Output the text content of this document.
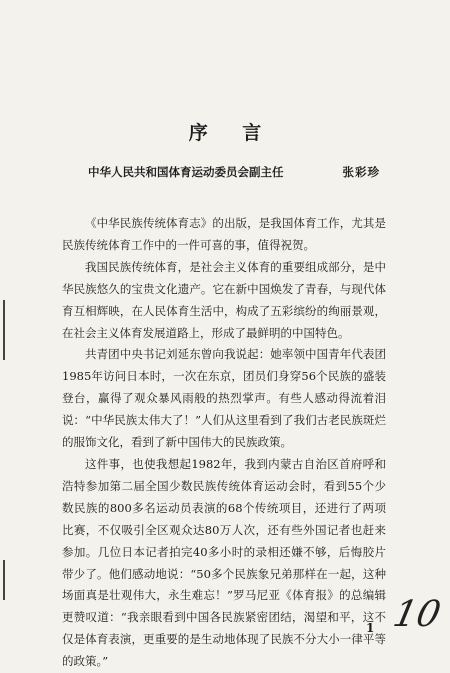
序 言
中华人民共和国体育运动委员会副主任	张彩珍

《中华民族传统体育志》的出版，是我国体育工作，尤其是民族传统体育工作中的一件可喜的事，值得祝贺。

我国民族传统体育，是社会主义体育的重要组成部分，是中华民族悠久的宝贵文化遗产。它在新中国焕发了青春，与现代体育互相辉映，在人民体育生活中，构成了五彩缤纷的绚丽景观，在社会主义体育发展道路上，形成了最鲜明的中国特色。

共青团中央书记刘延东曾向我说起：她率领中国青年代表团1985年访问日本时，一次在东京，团员们身穿56个民族的盛装登台，赢得了观众暴风雨般的热烈掌声。有些人感动得流着泪说：“中华民族太伟大了！”人们从这里看到了我们古老民族斑烂的服饰文化，看到了新中国伟大的民族政策。

这件事，也使我想起1982年，我到内蒙古自治区首府呼和浩特参加第二届全国少数民族传统体育运动会时，看到55个少数民族的800多名运动员表演的68个传统项目，还进行了两项比赛，不仅吸引全区观众达80万人次，还有些外国记者也赶来参加。几位日本记者拍完40多小时的录相还嫌不够，后悔胶片带少了。他们感动地说：“50多个民族象兄弟那样在一起，这种场面真是壮观伟大，永生难忘！”罗马尼亚《体育报》的总编辑更赞叹道：“我亲眼看到中国各民族紧密团结，渴望和平，这不仅是体育表演，更重要的是生动地体现了民族不分大小一律平等的政策。”

1 10
